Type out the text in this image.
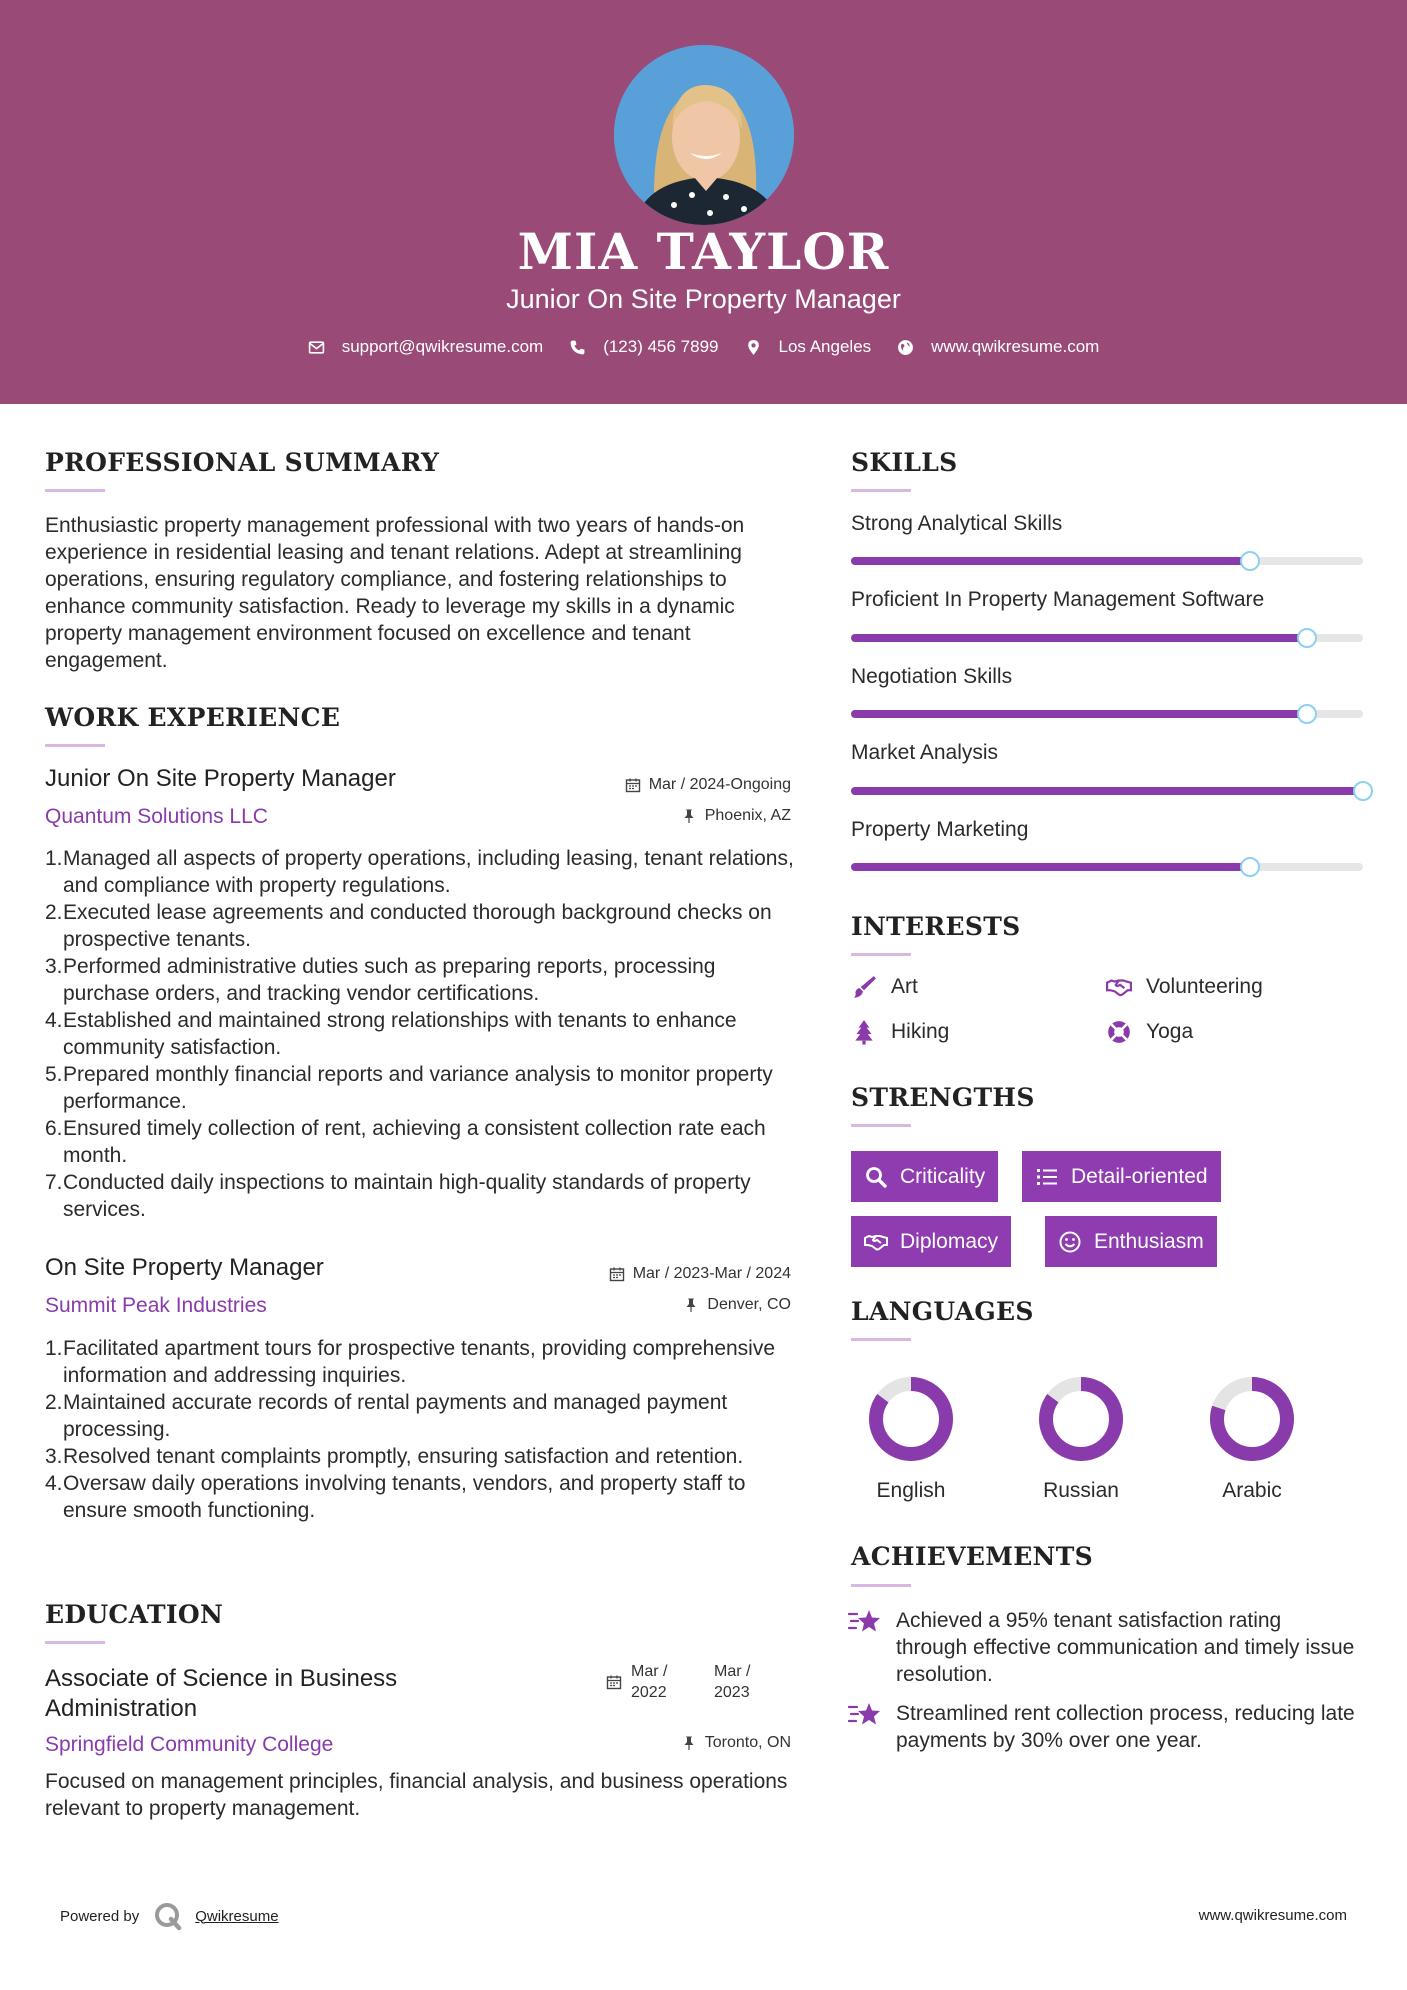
MIA TAYLOR
Junior On Site Property Manager
support@qwikresume.com	(123) 456 7899	Los Angeles	www.qwikresume.com
PROFESSIONAL SUMMARY
Enthusiastic property management professional with two years of hands-on experience in residential leasing and tenant relations. Adept at streamlining operations, ensuring regulatory compliance, and fostering relationships to enhance community satisfaction. Ready to leverage my skills in a dynamic property management environment focused on excellence and tenant engagement.
WORK EXPERIENCE
Junior On Site Property Manager	Mar / 2024-Ongoing
Quantum Solutions LLC	Phoenix, AZ
1. Managed all aspects of property operations, including leasing, tenant relations, and compliance with property regulations.
2. Executed lease agreements and conducted thorough background checks on prospective tenants.
3. Performed administrative duties such as preparing reports, processing purchase orders, and tracking vendor certifications.
4. Established and maintained strong relationships with tenants to enhance community satisfaction.
5. Prepared monthly financial reports and variance analysis to monitor property performance.
6. Ensured timely collection of rent, achieving a consistent collection rate each month.
7. Conducted daily inspections to maintain high-quality standards of property services.
On Site Property Manager	Mar / 2023-Mar / 2024
Summit Peak Industries	Denver, CO
1. Facilitated apartment tours for prospective tenants, providing comprehensive information and addressing inquiries.
2. Maintained accurate records of rental payments and managed payment processing.
3. Resolved tenant complaints promptly, ensuring satisfaction and retention.
4. Oversaw daily operations involving tenants, vendors, and property staff to ensure smooth functioning.
EDUCATION
Associate of Science in Business Administration
Mar /
2022
Mar /
2023
Springfield Community College	Toronto, ON
Focused on management principles, financial analysis, and business operations relevant to property management.
SKILLS
Strong Analytical Skills
Proficient In Property Management Software
Negotiation Skills
Market Analysis
Property Marketing
INTERESTS
Art	Volunteering
Hiking	Yoga
STRENGTHS
Criticality	Detail-oriented
Diplomacy	Enthusiasm
LANGUAGES
English	Russian	Arabic
ACHIEVEMENTS
Achieved a 95% tenant satisfaction rating through effective communication and timely issue resolution.
Streamlined rent collection process, reducing late payments by 30% over one year.
Powered by	Qwikresume	www.qwikresume.com
